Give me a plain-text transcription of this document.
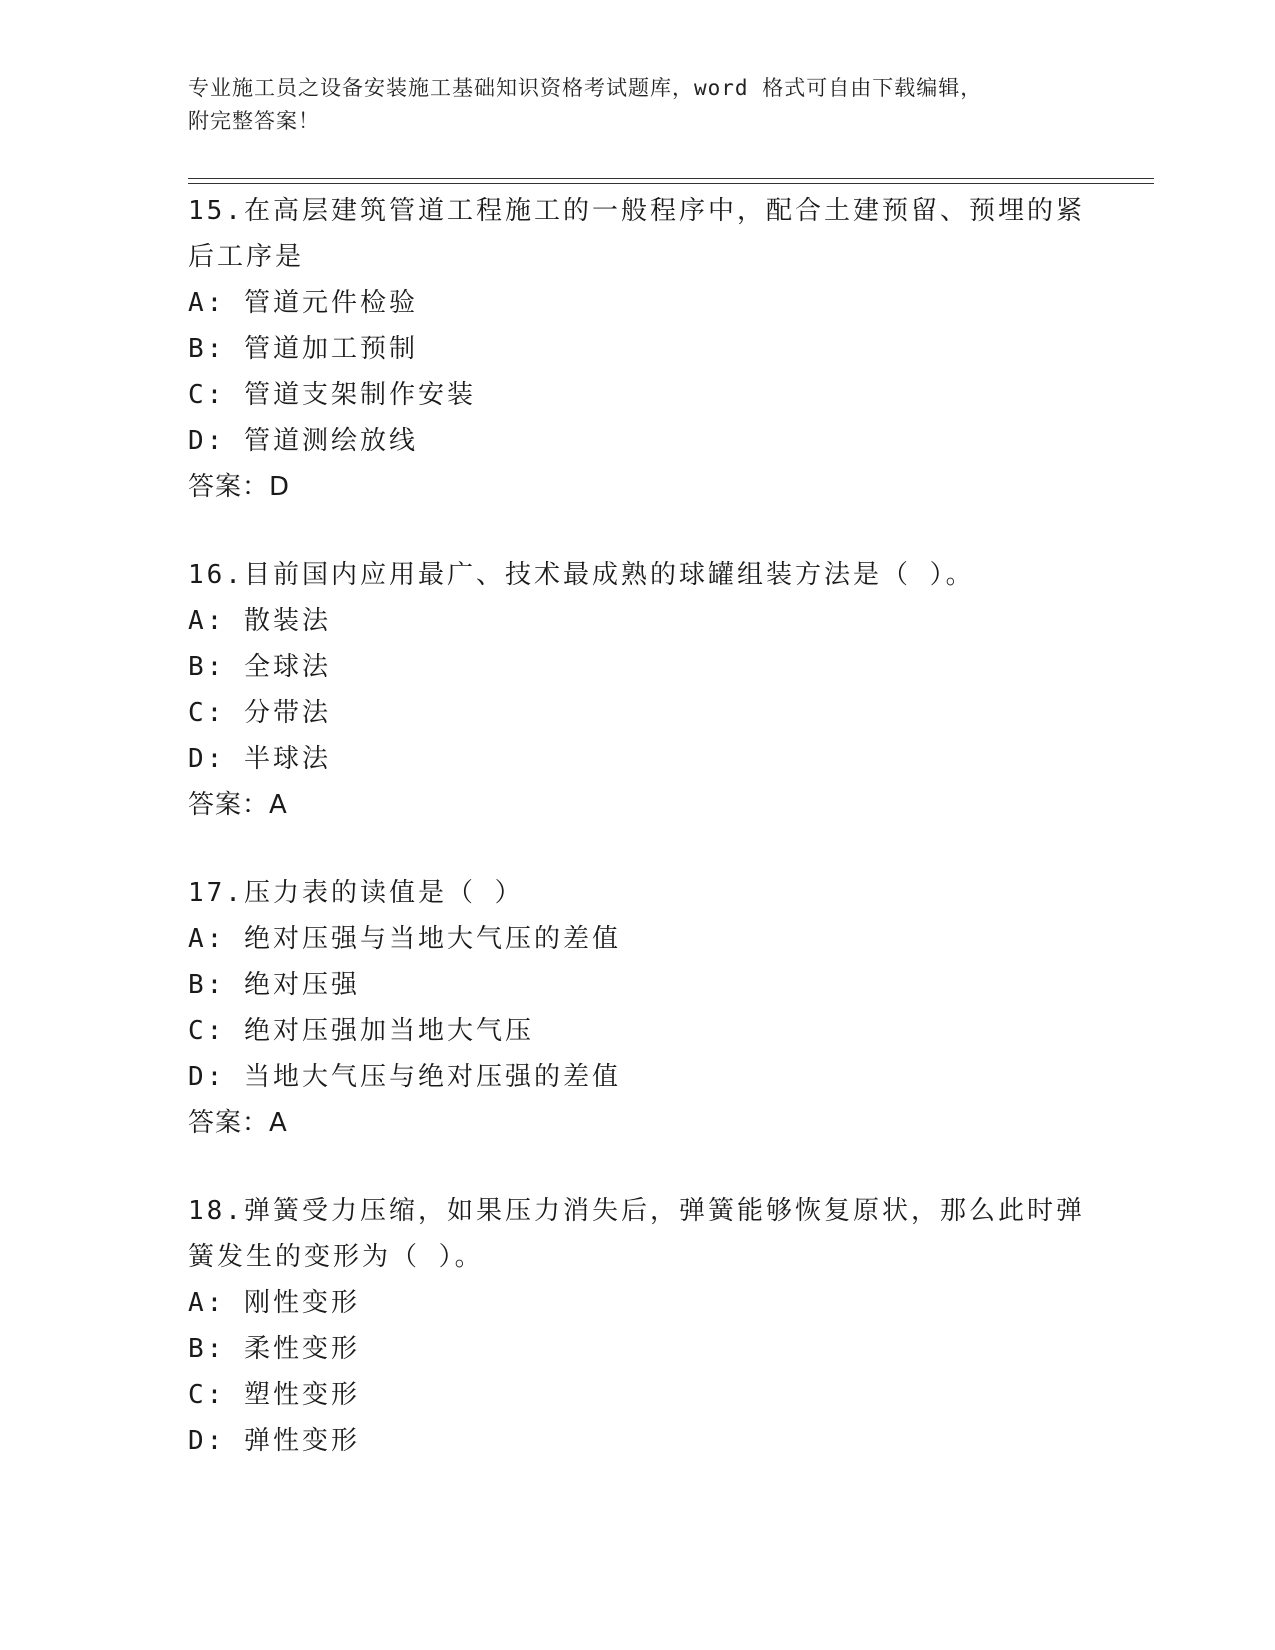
专业施工员之设备安装施工基础知识资格考试题库，word 格式可自由下载编辑，
附完整答案！

15.在高层建筑管道工程施工的一般程序中，配合土建预留、预埋的紧

后工序是

A: 管道元件检验
B: 管道加工预制
C: 管道支架制作安装
D: 管道测绘放线
答案：D

16.目前国内应用最广、技术最成熟的球罐组装方法是（ ）。

A: 散装法
B: 全球法
C: 分带法
D: 半球法
答案：A

17.压力表的读值是（ ）

A: 绝对压强与当地大气压的差值
B: 绝对压强
C: 绝对压强加当地大气压
D: 当地大气压与绝对压强的差值
答案：A

18.弹簧受力压缩，如果压力消失后，弹簧能够恢复原状，那么此时弹

簧发生的变形为（ ）。

A: 刚性变形
B: 柔性变形
C: 塑性变形
D: 弹性变形
